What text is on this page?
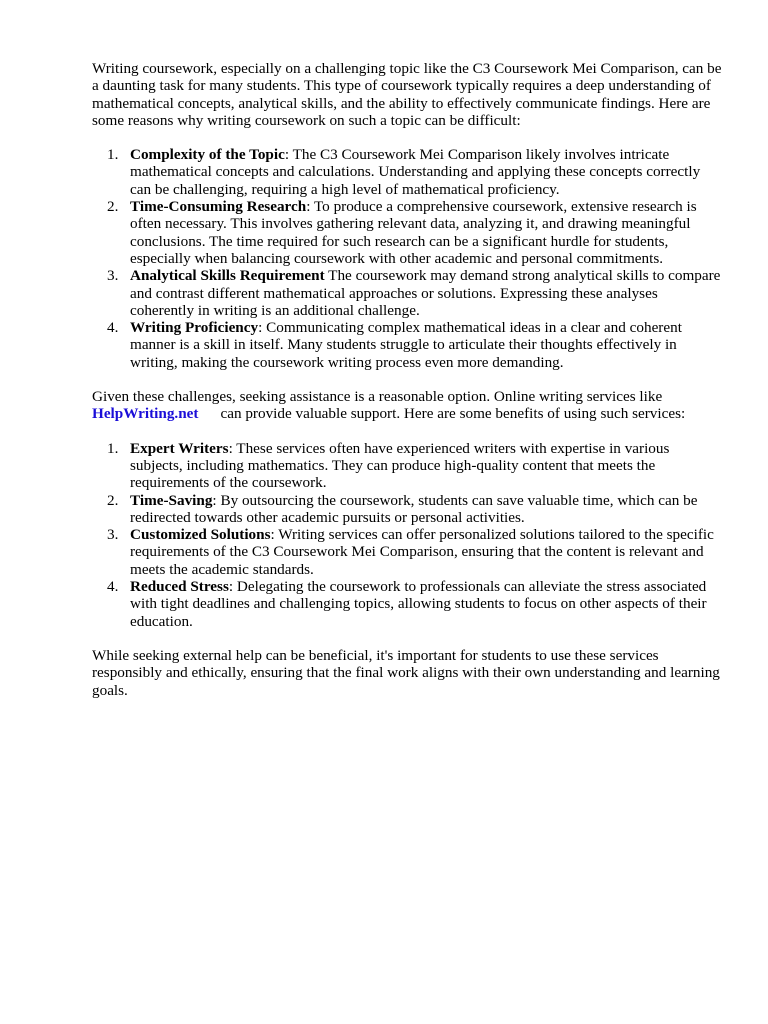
Writing coursework, especially on a challenging topic like the C3 Coursework Mei Comparison, can be a daunting task for many students. This type of coursework typically requires a deep understanding of mathematical concepts, analytical skills, and the ability to effectively communicate findings. Here are some reasons why writing coursework on such a topic can be difficult:

1. Complexity of the Topic: The C3 Coursework Mei Comparison likely involves intricate mathematical concepts and calculations. Understanding and applying these concepts correctly can be challenging, requiring a high level of mathematical proficiency.
2. Time-Consuming Research: To produce a comprehensive coursework, extensive research is often necessary. This involves gathering relevant data, analyzing it, and drawing meaningful conclusions. The time required for such research can be a significant hurdle for students, especially when balancing coursework with other academic and personal commitments.
3. Analytical Skills Requirement The coursework may demand strong analytical skills to compare and contrast different mathematical approaches or solutions. Expressing these analyses coherently in writing is an additional challenge.
4. Writing Proficiency: Communicating complex mathematical ideas in a clear and coherent manner is a skill in itself. Many students struggle to articulate their thoughts effectively in writing, making the coursework writing process even more demanding.

Given these challenges, seeking assistance is a reasonable option. Online writing services like
HelpWriting.net can provide valuable support. Here are some benefits of using such services:

1. Expert Writers: These services often have experienced writers with expertise in various subjects, including mathematics. They can produce high-quality content that meets the requirements of the coursework.
2. Time-Saving: By outsourcing the coursework, students can save valuable time, which can be redirected towards other academic pursuits or personal activities.
3. Customized Solutions: Writing services can offer personalized solutions tailored to the specific requirements of the C3 Coursework Mei Comparison, ensuring that the content is relevant and meets the academic standards.
4. Reduced Stress: Delegating the coursework to professionals can alleviate the stress associated with tight deadlines and challenging topics, allowing students to focus on other aspects of their education.

While seeking external help can be beneficial, it's important for students to use these services responsibly and ethically, ensuring that the final work aligns with their own understanding and learning goals.
